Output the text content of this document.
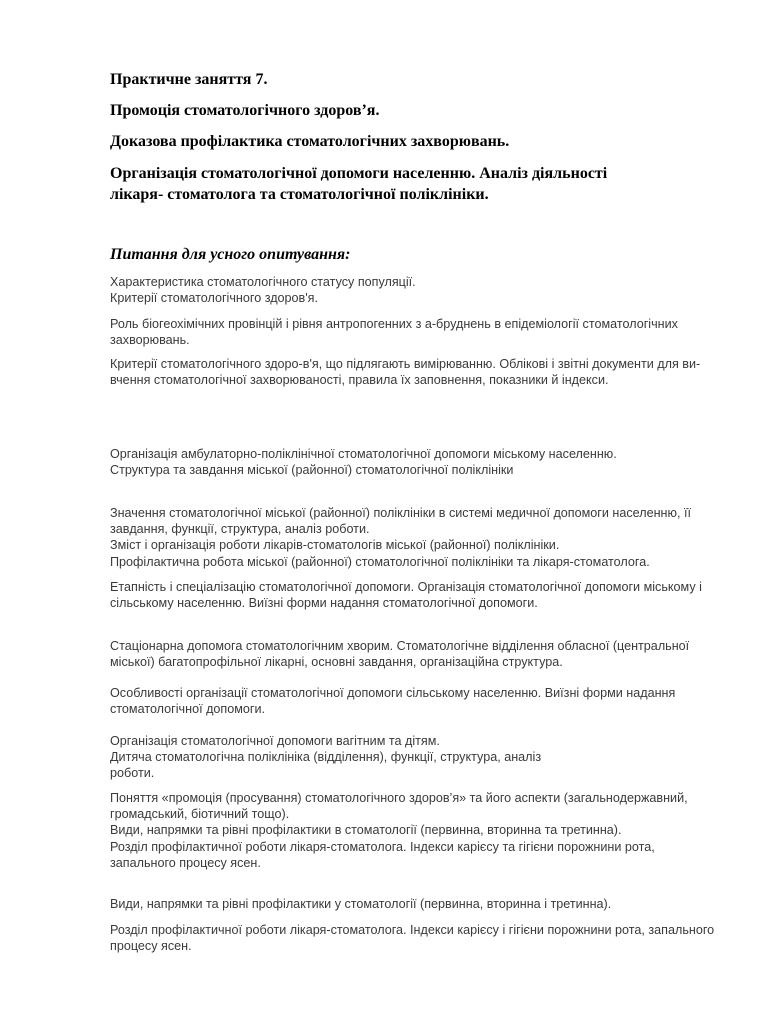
Практичне заняття 7.

Промоція стоматологічного здоров’я.

Доказова профілактика стоматологічних захворювань.

Організація стоматологічної допомоги населенню. Аналіз діяльності
лікаря- стоматолога та стоматологічної поліклініки.

Питання для усного опитування:

Характеристика стоматологічного статусу популяції.
Критерії стоматологічного здоров'я.

Роль біогеохімічних провінцій і рівня антропогенних з а-бруднень в епідеміології стоматологічних захворювань.

Критерії стоматологічного здоро-в'я, що підлягають вимірюванню. Облікові і звітні документи для ви-вчення стоматологічної захворюваності, правила їх заповнення, показники й індекси.

Організація амбулаторно-поліклінічної стоматологічної допомоги міському населенню.
Структура та завдання міської (районної) стоматологічної поліклініки

Значення стоматологічної міської (районної) поліклініки в системі медичної допомоги населенню, її завдання, функції, структура, аналіз роботи.
Зміст і організація роботи лікарів-стоматологів міської (районної) поліклініки.
Профілактична робота міської (районної) стоматологічної поліклініки та лікаря-стоматолога.

Етапність і спеціалізацію стоматологічної допомоги. Організація стоматологічної допомоги міському і сільському населенню. Виїзні форми надання стоматологічної допомоги.

Стаціонарна допомога стоматологічним хворим. Стоматологічне відділення обласної (центральної міської) багатопрофільної лікарні, основні завдання, організаційна структура.

Особливості організації стоматологічної допомоги сільському населенню. Виїзні форми надання стоматологічної допомоги.

Організація стоматологічної допомоги вагітним та дітям.
Дитяча стоматологічна поліклініка (відділення), функції, структура, аналіз
роботи.

Поняття «промоція (просування) стоматологічного здоров’я» та його аспекти (загальнодержавний,
громадський, біотичний тощо).
Види, напрямки та рівні профілактики в стоматології (первинна, вторинна та третинна).
Розділ профілактичної роботи лікаря-стоматолога. Індекси карієсу та гігієни порожнини рота, запального процесу ясен.

Види, напрямки та рівні профілактики у стоматології (первинна, вторинна і третинна).

Розділ профілактичної роботи лікаря-стоматолога. Індекси карієсу і гігієни порожнини рота, запального процесу ясен.
